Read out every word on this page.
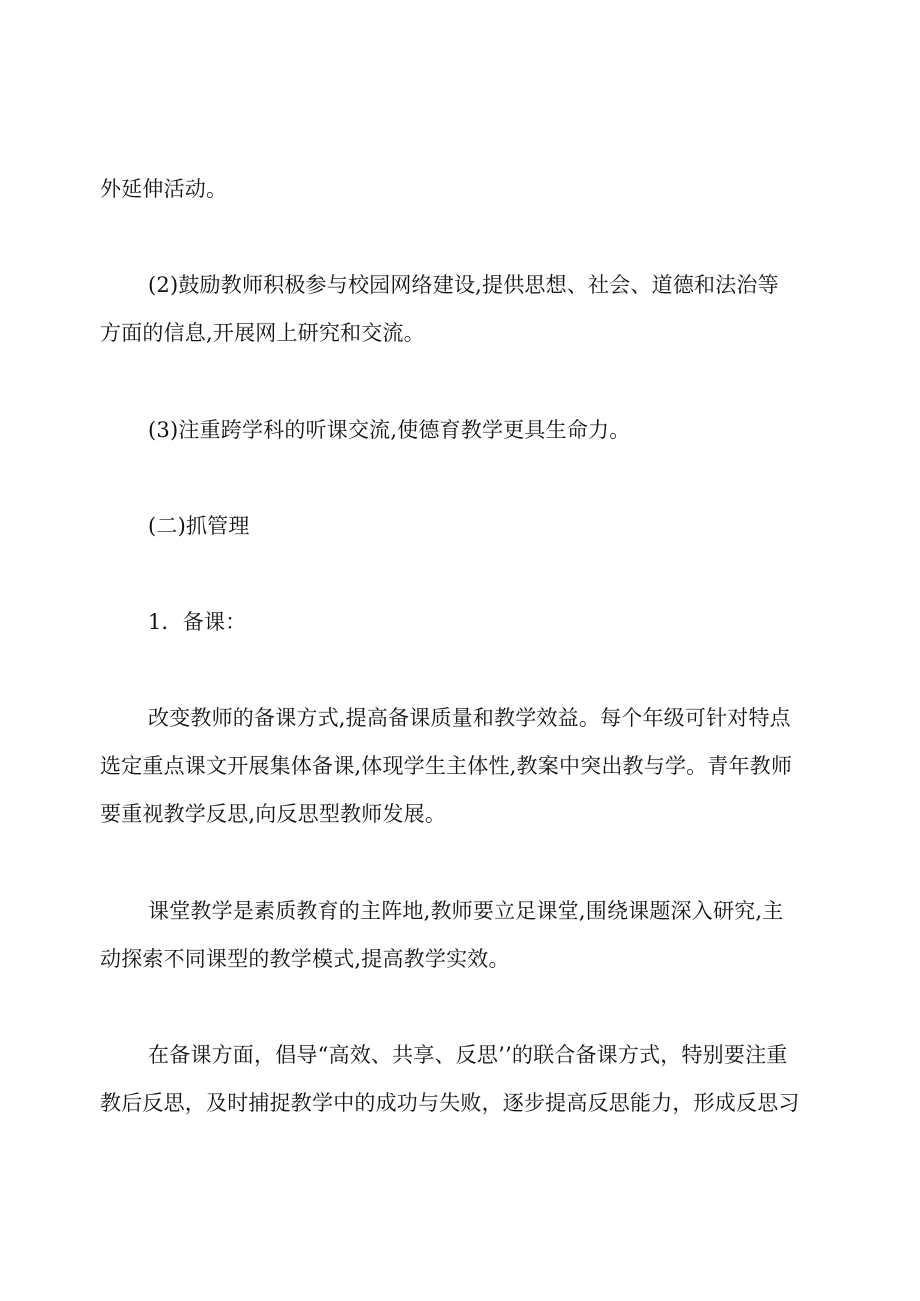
外延伸活动。
(2)鼓励教师积极参与校园网络建设,提供思想、社会、道德和法治等
方面的信息,开展网上研究和交流。
(3)注重跨学科的听课交流,使德育教学更具生命力。
(二)抓管理
1．备课：
改变教师的备课方式,提高备课质量和教学效益。每个年级可针对特点
选定重点课文开展集体备课,体现学生主体性,教案中突出教与学。青年教师
要重视教学反思,向反思型教师发展。
课堂教学是素质教育的主阵地,教师要立足课堂,围绕课题深入研究,主
动探索不同课型的教学模式,提高教学实效。
在备课方面，倡导“高效、共享、反思’’的联合备课方式，特别要注重
教后反思，及时捕捉教学中的成功与失败，逐步提高反思能力，形成反思习
